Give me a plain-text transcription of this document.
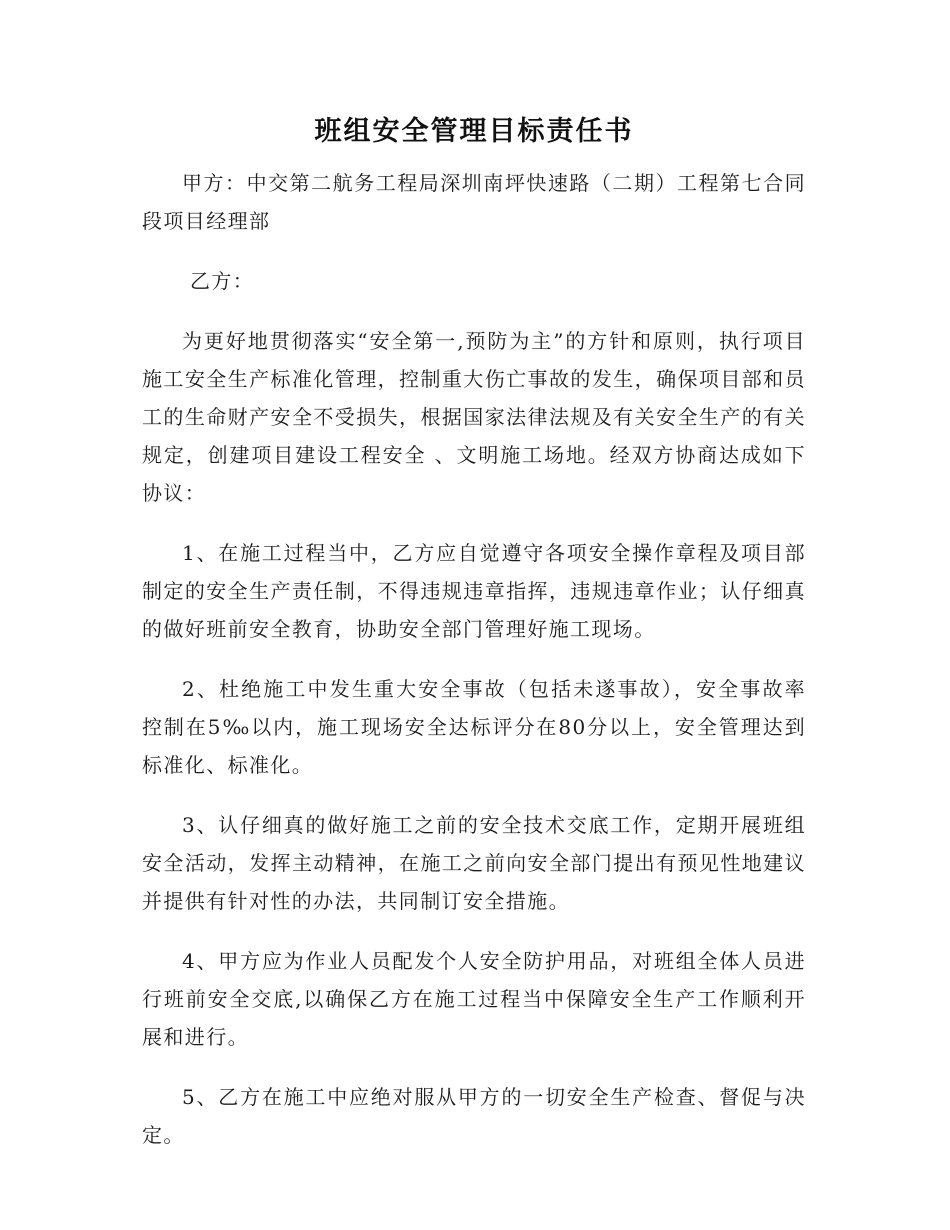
班组安全管理目标责任书

甲方：中交第二航务工程局深圳南坪快速路（二期）工程第七合同段项目经理部

乙方：

为更好地贯彻落实“安全第一,预防为主”的方针和原则，执行项目施工安全生产标准化管理，控制重大伤亡事故的发生，确保项目部和员工的生命财产安全不受损失，根据国家法律法规及有关安全生产的有关规定，创建项目建设工程安全 、文明施工场地。经双方协商达成如下协议：

1、在施工过程当中，乙方应自觉遵守各项安全操作章程及项目部制定的安全生产责任制，不得违规违章指挥，违规违章作业；认仔细真的做好班前安全教育，协助安全部门管理好施工现场。

2、杜绝施工中发生重大安全事故（包括未遂事故），安全事故率控制在5‰以内，施工现场安全达标评分在80分以上，安全管理达到标准化、标准化。

3、认仔细真的做好施工之前的安全技术交底工作，定期开展班组安全活动，发挥主动精神，在施工之前向安全部门提出有预见性地建议并提供有针对性的办法，共同制订安全措施。

4、甲方应为作业人员配发个人安全防护用品，对班组全体人员进行班前安全交底,以确保乙方在施工过程当中保障安全生产工作顺利开展和进行。

5、乙方在施工中应绝对服从甲方的一切安全生产检查、督促与决定。
